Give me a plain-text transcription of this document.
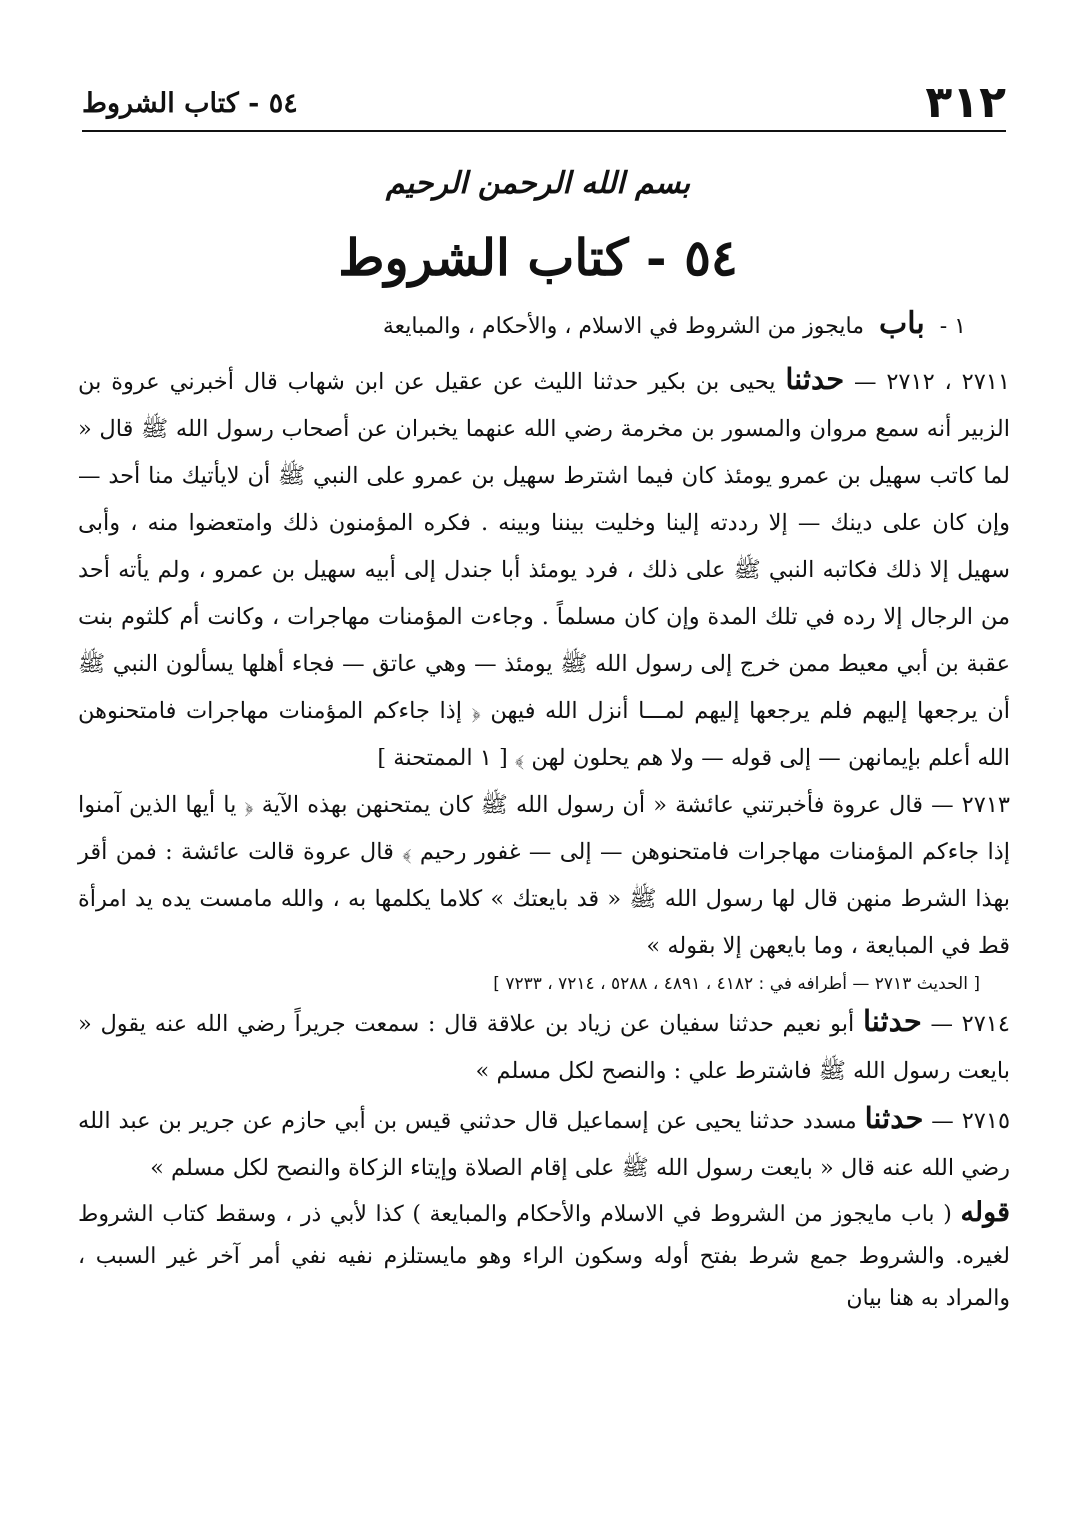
٣١٢
٥٤ - كتاب الشروط
بسم الله الرحمن الرحيم
٥٤ - كتاب الشروط
١ - باب مايجوز من الشروط في الاسلام ، والأحكام ، والمبايعة

٢٧١١ ، ٢٧١٢ — حدثنا يحيى بن بكير حدثنا الليث عن عقيل عن ابن شهاب قال أخبرني عروة بن الزبير أنه سمع مروان والمسور بن مخرمة رضي الله عنهما يخبران عن أصحاب رسول الله ﷺ قال « لما كاتب سهيل بن عمرو يومئذ كان فيما اشترط سهيل بن عمرو على النبي ﷺ أن لايأتيك منا أحد — وإن كان على دينك — إلا رددته إلينا وخليت بيننا وبينه . فكره المؤمنون ذلك وامتعضوا منه ، وأبى سهيل إلا ذلك فكاتبه النبي ﷺ على ذلك ، فرد يومئذ أبا جندل إلى أبيه سهيل بن عمرو ، ولم يأته أحد من الرجال إلا رده في تلك المدة وإن كان مسلماً . وجاءت المؤمنات مهاجرات ، وكانت أم كلثوم بنت عقبة بن أبي معيط ممن خرج إلى رسول الله ﷺ يومئذ — وهي عاتق — فجاء أهلها يسألون النبي ﷺ أن يرجعها إليهم فلم يرجعها إليهم لمـــا أنزل الله فيهن ﴿ إذا جاءكم المؤمنات مهاجرات فامتحنوهن الله أعلم بإيمانهن — إلى قوله — ولا هم يحلون لهن ﴾ [ ١ الممتحنة ]

٢٧١٣ — قال عروة فأخبرتني عائشة « أن رسول الله ﷺ كان يمتحنهن بهذه الآية ﴿ يا أيها الذين آمنوا إذا جاءكم المؤمنات مهاجرات فامتحنوهن — إلى — غفور رحيم ﴾ قال عروة قالت عائشة : فمن أقر بهذا الشرط منهن قال لها رسول الله ﷺ « قد بايعتك » كلاما يكلمها به ، والله مامست يده يد امرأة قط في المبايعة ، وما بايعهن إلا بقوله »

[ الحديث ٢٧١٣ — أطرافه في : ٤١٨٢ ، ٤٨٩١ ، ٥٢٨٨ ، ٧٢١٤ ، ٧٢٣٣ ]

٢٧١٤ — حدثنا أبو نعيم حدثنا سفيان عن زياد بن علاقة قال : سمعت جريراً رضي الله عنه يقول « بايعت رسول الله ﷺ فاشترط علي : والنصح لكل مسلم »

٢٧١٥ — حدثنا مسدد حدثنا يحيى عن إسماعيل قال حدثني قيس بن أبي حازم عن جرير بن عبد الله رضي الله عنه قال « بايعت رسول الله ﷺ على إقام الصلاة وإيتاء الزكاة والنصح لكل مسلم »

قوله ( باب مايجوز من الشروط في الاسلام والأحكام والمبايعة ) كذا لأبي ذر ، وسقط كتاب الشروط لغيره. والشروط جمع شرط بفتح أوله وسكون الراء وهو مايستلزم نفيه نفي أمر آخر غير السبب ، والمراد به هنا بيان
